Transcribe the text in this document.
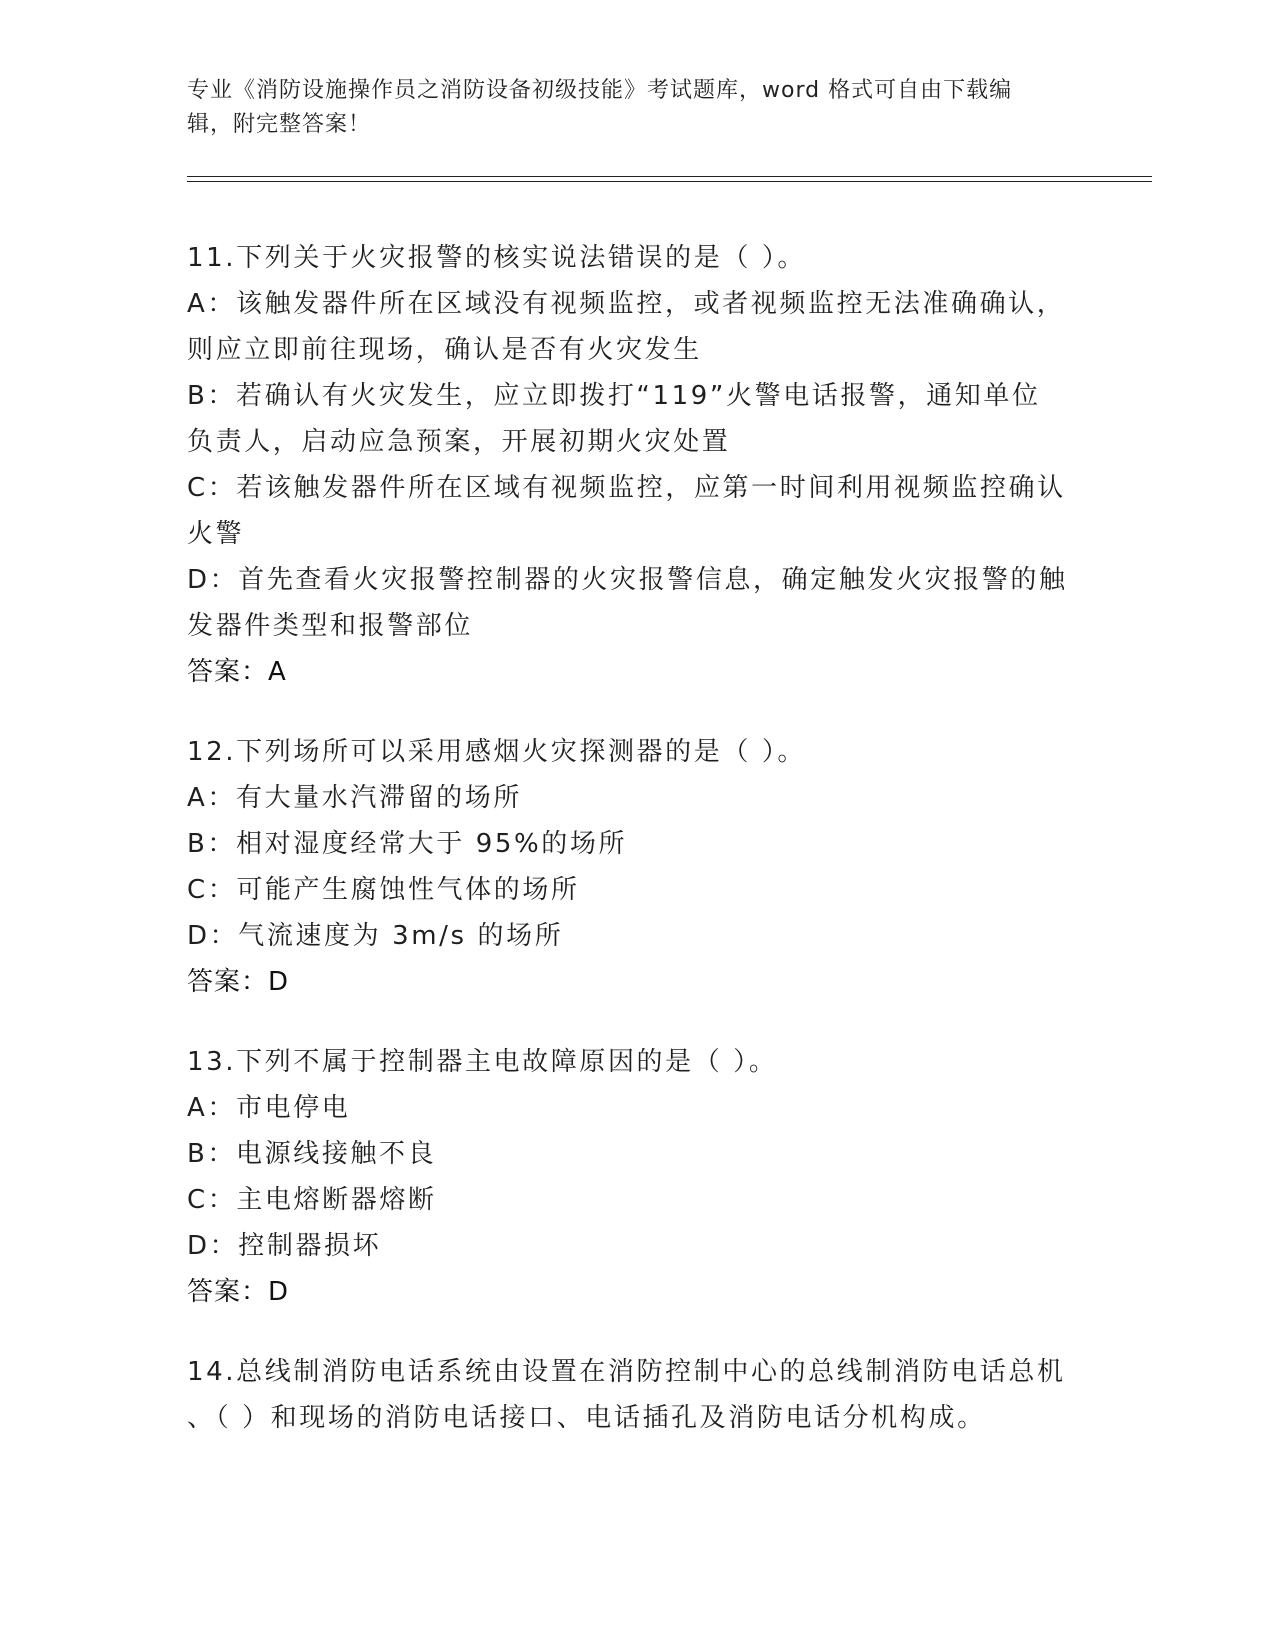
专业《消防设施操作员之消防设备初级技能》考试题库，word 格式可自由下载编
辑，附完整答案！
11.下列关于火灾报警的核实说法错误的是（ ）。
A：该触发器件所在区域没有视频监控，或者视频监控无法准确确认，
则应立即前往现场，确认是否有火灾发生
B：若确认有火灾发生，应立即拨打“119”火警电话报警，通知单位
负责人，启动应急预案，开展初期火灾处置
C：若该触发器件所在区域有视频监控，应第一时间利用视频监控确认
火警
D：首先查看火灾报警控制器的火灾报警信息，确定触发火灾报警的触
发器件类型和报警部位
答案：A
12.下列场所可以采用感烟火灾探测器的是（ ）。
A：有大量水汽滞留的场所
B：相对湿度经常大于 95%的场所
C：可能产生腐蚀性气体的场所
D：气流速度为 3m/s 的场所
答案：D
13.下列不属于控制器主电故障原因的是（ ）。
A：市电停电
B：电源线接触不良
C：主电熔断器熔断
D：控制器损坏
答案：D
14.总线制消防电话系统由设置在消防控制中心的总线制消防电话总机
、（ ）和现场的消防电话接口、电话插孔及消防电话分机构成。
